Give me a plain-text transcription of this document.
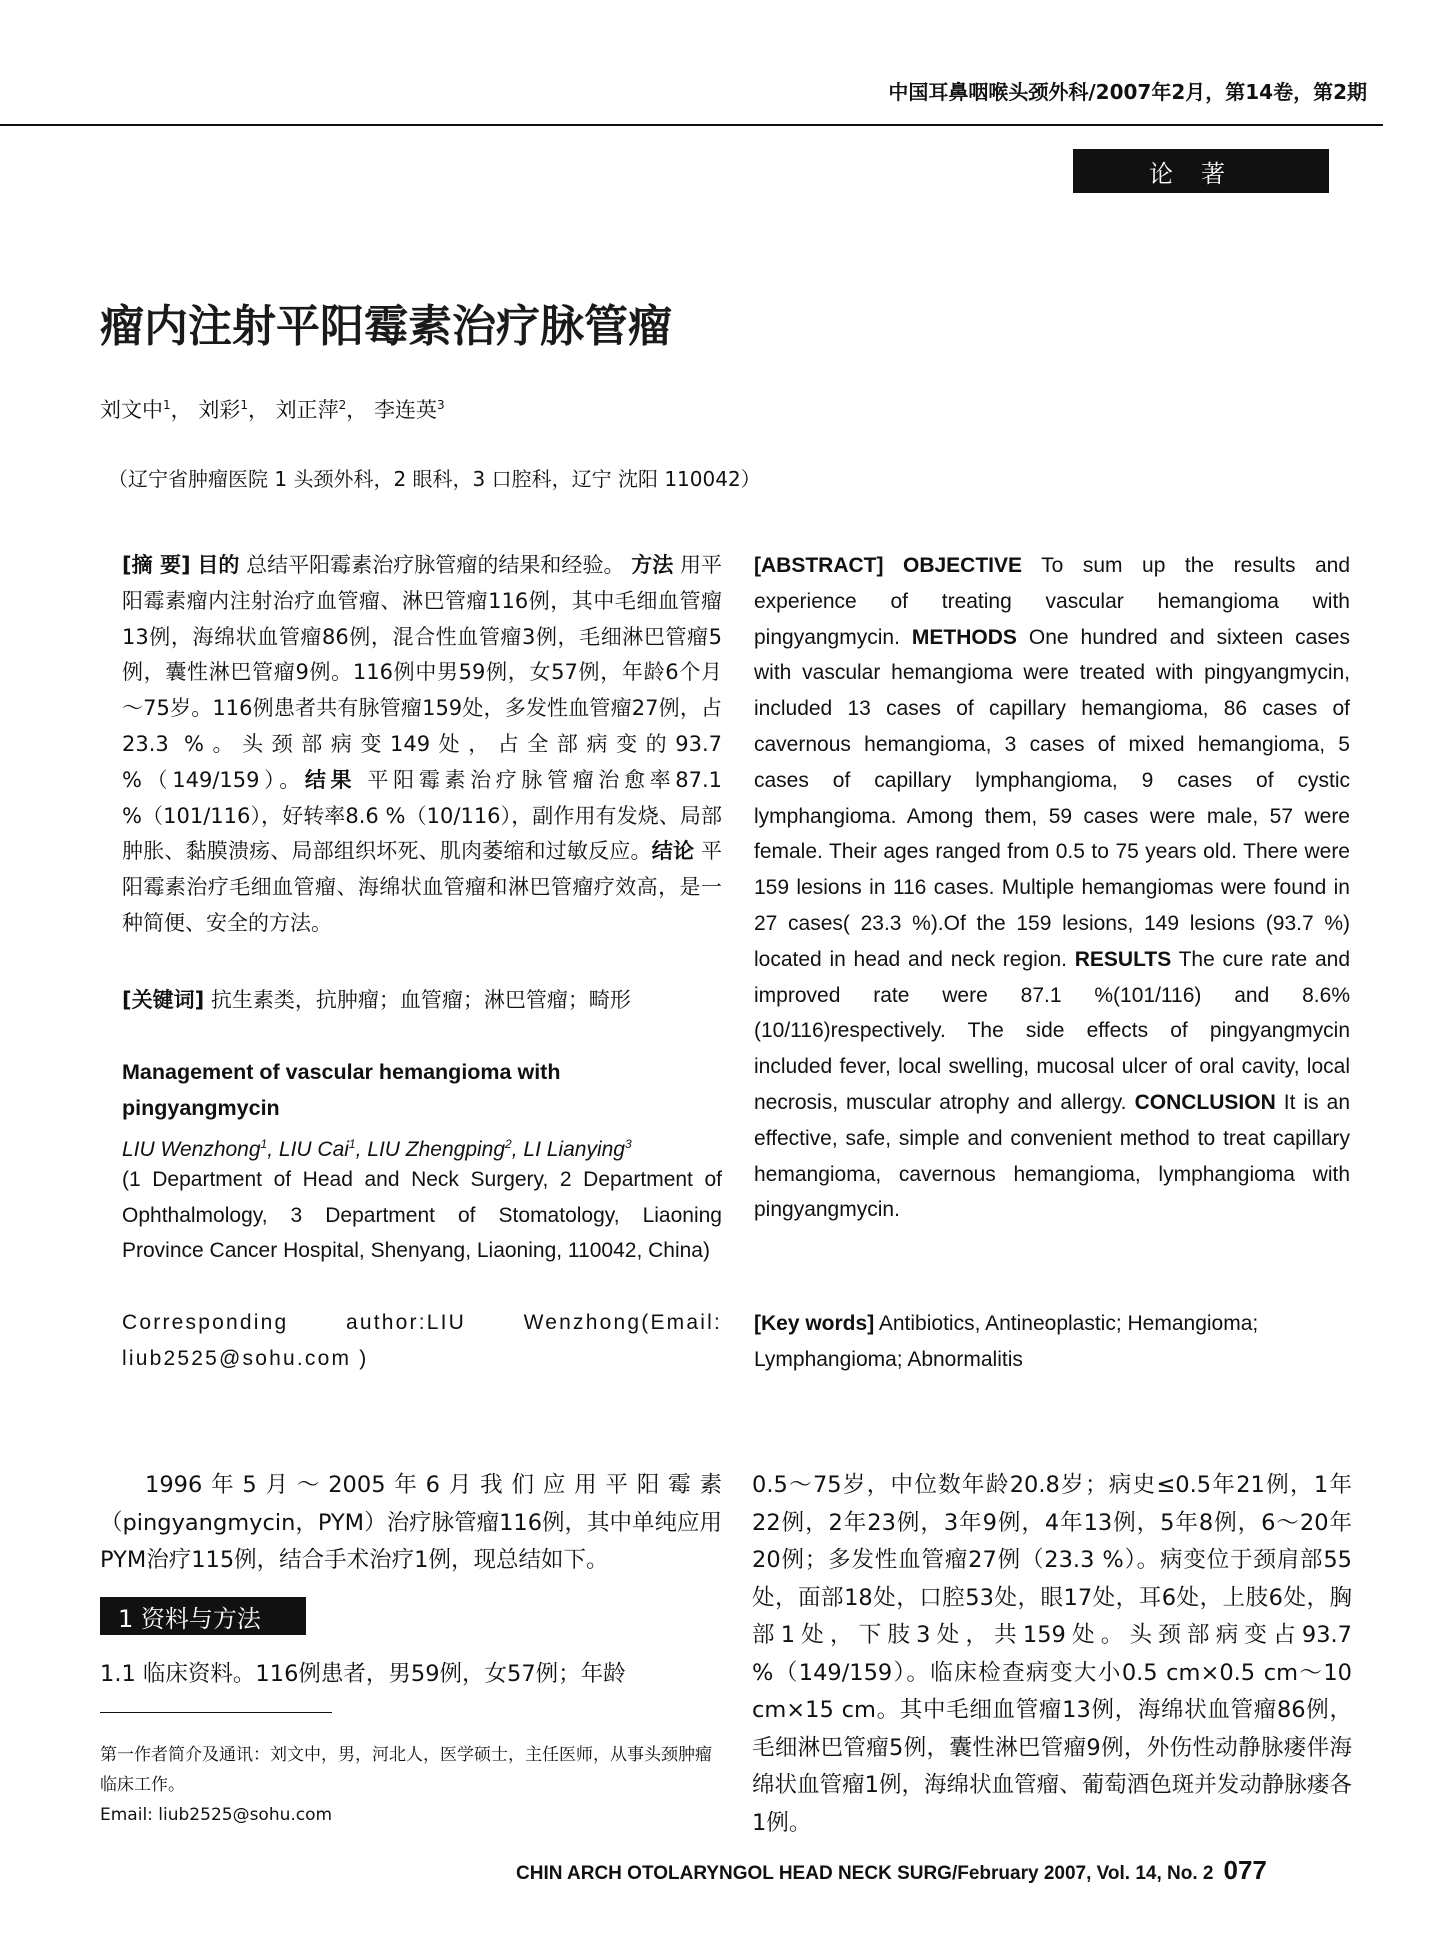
中国耳鼻咽喉头颈外科/2007年2月，第14卷，第2期
论著
瘤内注射平阳霉素治疗脉管瘤
刘文中$^1$， 刘彩$^1$， 刘正萍$^2$， 李连英$^3$
（辽宁省肿瘤医院 1 头颈外科，2 眼科，3 口腔科，辽宁 沈阳 110042）
[摘 要] 目的 总结平阳霉素治疗脉管瘤的结果和经验。 方法 用平阳霉素瘤内注射治疗血管瘤、淋巴管瘤116例，其中毛细血管瘤13例，海绵状血管瘤86例，混合性血管瘤3例，毛细淋巴管瘤5例，囊性淋巴管瘤9例。116例中男59例，女57例，年龄6个月～75岁。116例患者共有脉管瘤159处，多发性血管瘤27例，占23.3 %。头颈部病变149处，占全部病变的93.7 %（149/159）。结果 平阳霉素治疗脉管瘤治愈率87.1 %（101/116），好转率8.6 %（10/116），副作用有发烧、局部肿胀、黏膜溃疡、局部组织坏死、肌肉萎缩和过敏反应。结论 平阳霉素治疗毛细血管瘤、海绵状血管瘤和淋巴管瘤疗效高，是一种简便、安全的方法。
[关键词] 抗生素类，抗肿瘤；血管瘤；淋巴管瘤；畸形
Management of vascular hemangioma with pingyangmycin
LIU Wenzhong$^1$, LIU Cai$^1$, LIU Zhengping$^2$, LI Lianying$^3$
(1 Department of Head and Neck Surgery, 2 Department of Ophthalmology, 3 Department of Stomatology, Liaoning Province Cancer Hospital, Shenyang, Liaoning, 110042, China)
Corresponding author:LIU Wenzhong(Email: liub2525@sohu.com )
[ABSTRACT] OBJECTIVE To sum up the results and experience of treating vascular hemangioma with pingyangmycin. METHODS One hundred and sixteen cases with vascular hemangioma were treated with pingyangmycin, included 13 cases of capillary hemangioma, 86 cases of cavernous hemangioma, 3 cases of mixed hemangioma, 5 cases of capillary lymphangioma, 9 cases of cystic lymphangioma. Among them, 59 cases were male, 57 were female. Their ages ranged from 0.5 to 75 years old. There were 159 lesions in 116 cases. Multiple hemangiomas were found in 27 cases( 23.3 %).Of the 159 lesions, 149 lesions (93.7 %) located in head and neck region. RESULTS The cure rate and improved rate were 87.1 %(101/116) and 8.6%(10/116)respectively. The side effects of pingyangmycin included fever, local swelling, mucosal ulcer of oral cavity, local necrosis, muscular atrophy and allergy. CONCLUSION It is an effective, safe, simple and convenient method to treat capillary hemangioma, cavernous hemangioma, lymphangioma with pingyangmycin.
[Key words] Antibiotics, Antineoplastic; Hemangioma; Lymphangioma; Abnormalitis
1996年5月～2005年6月我们应用平阳霉素（pingyangmycin，PYM）治疗脉管瘤116例，其中单纯应用PYM治疗115例，结合手术治疗1例，现总结如下。
1 资料与方法
1.1 临床资料。116例患者，男59例，女57例；年龄
第一作者简介及通讯：刘文中，男，河北人，医学硕士，主任医师，从事头颈肿瘤临床工作。
Email: liub2525@sohu.com
0.5～75岁，中位数年龄20.8岁；病史≤0.5年21例，1年22例，2年23例，3年9例，4年13例，5年8例，6～20年20例；多发性血管瘤27例（23.3 %）。病变位于颈肩部55处，面部18处，口腔53处，眼17处，耳6处，上肢6处，胸部1处，下肢3处，共159处。头颈部病变占93.7 %（149/159）。临床检查病变大小0.5 cm×0.5 cm～10 cm×15 cm。其中毛细血管瘤13例，海绵状血管瘤86例，毛细淋巴管瘤5例，囊性淋巴管瘤9例，外伤性动静脉瘘伴海绵状血管瘤1例，海绵状血管瘤、葡萄酒色斑并发动静脉瘘各1例。
CHIN ARCH OTOLARYNGOL HEAD NECK SURG/February 2007, Vol. 14, No. 2 077
